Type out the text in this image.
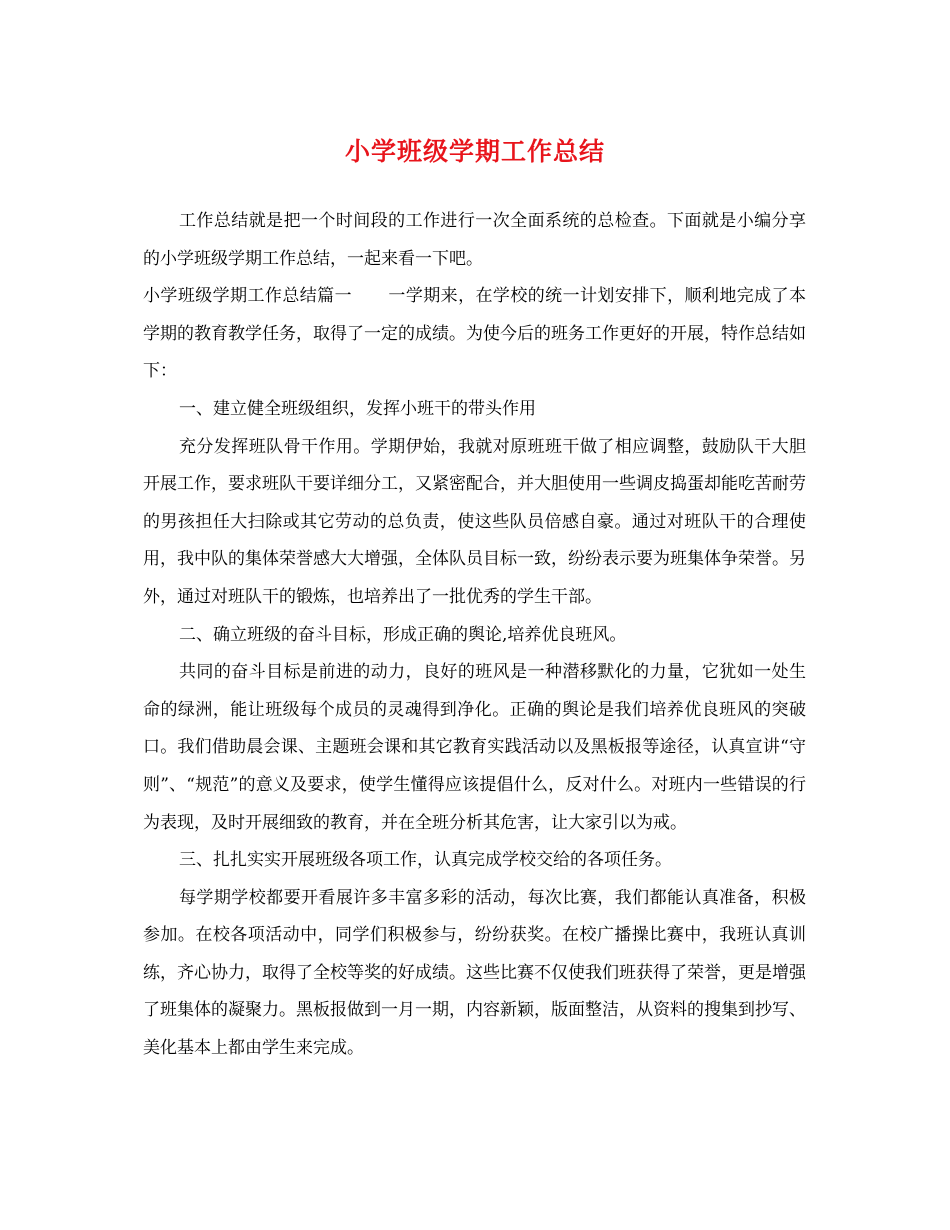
小学班级学期工作总结

工作总结就是把一个时间段的工作进行一次全面系统的总检查。下面就是小编分享的小学班级学期工作总结，一起来看一下吧。

小学班级学期工作总结篇一 一学期来，在学校的统一计划安排下，顺利地完成了本学期的教育教学任务，取得了一定的成绩。为使今后的班务工作更好的开展，特作总结如下：

一、建立健全班级组织，发挥小班干的带头作用

充分发挥班队骨干作用。学期伊始，我就对原班班干做了相应调整，鼓励队干大胆开展工作，要求班队干要详细分工，又紧密配合，并大胆使用一些调皮捣蛋却能吃苦耐劳的男孩担任大扫除或其它劳动的总负责，使这些队员倍感自豪。通过对班队干的合理使用，我中队的集体荣誉感大大增强，全体队员目标一致，纷纷表示要为班集体争荣誉。另外，通过对班队干的锻炼，也培养出了一批优秀的学生干部。

二、确立班级的奋斗目标，形成正确的舆论,培养优良班风。

共同的奋斗目标是前进的动力，良好的班风是一种潜移默化的力量，它犹如一处生命的绿洲，能让班级每个成员的灵魂得到净化。正确的舆论是我们培养优良班风的突破口。我们借助晨会课、主题班会课和其它教育实践活动以及黑板报等途径，认真宣讲“守则”、“规范”的意义及要求，使学生懂得应该提倡什么，反对什么。对班内一些错误的行为表现，及时开展细致的教育，并在全班分析其危害，让大家引以为戒。

三、扎扎实实开展班级各项工作，认真完成学校交给的各项任务。

每学期学校都要开看展许多丰富多彩的活动，每次比赛，我们都能认真准备，积极参加。在校各项活动中，同学们积极参与，纷纷获奖。在校广播操比赛中，我班认真训练，齐心协力，取得了全校等奖的好成绩。这些比赛不仅使我们班获得了荣誉，更是增强了班集体的凝聚力。黑板报做到一月一期，内容新颖，版面整洁，从资料的搜集到抄写、美化基本上都由学生来完成。
